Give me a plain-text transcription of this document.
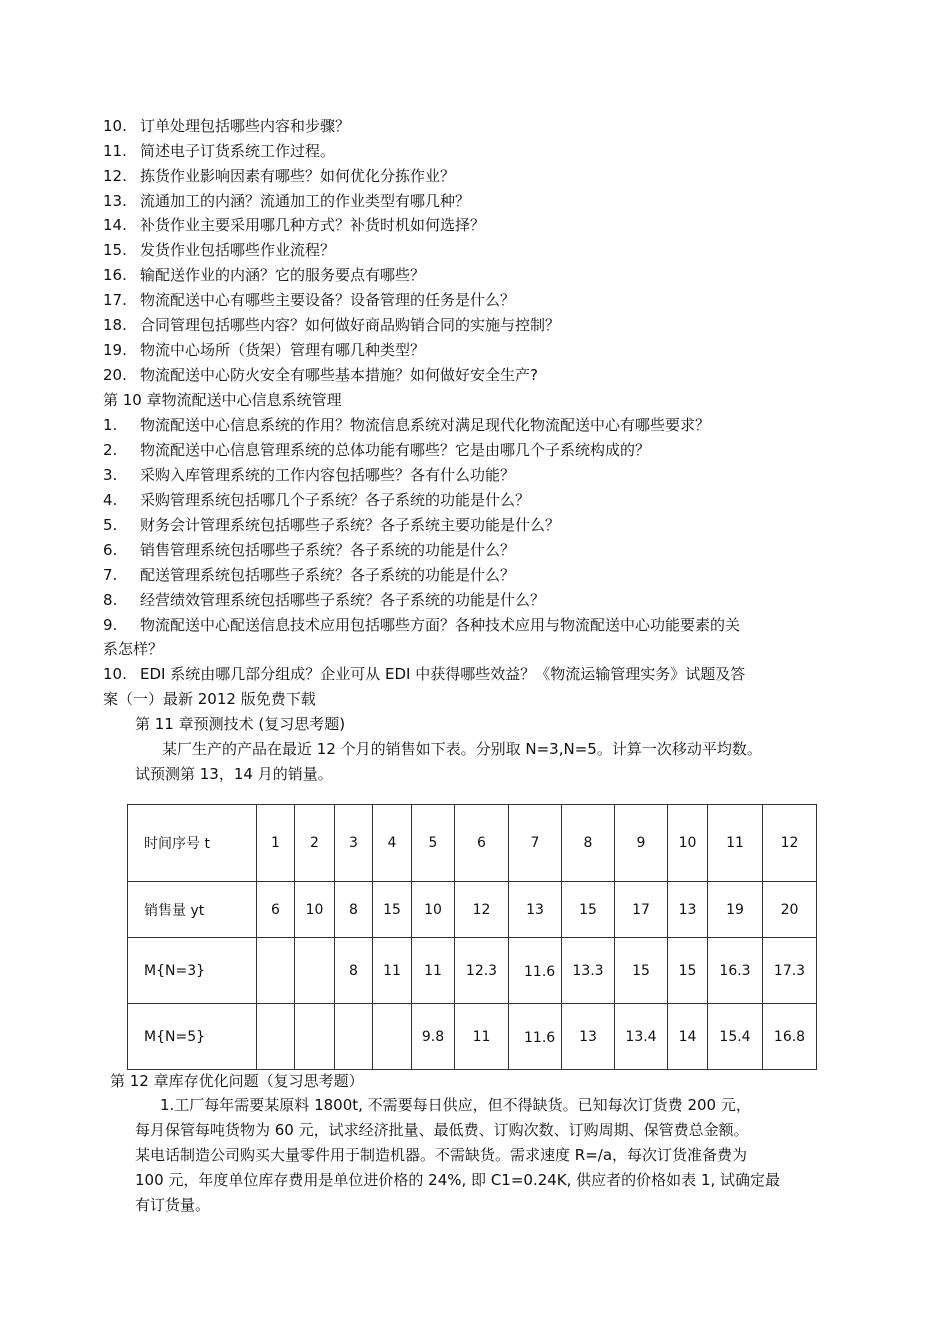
10. 订单处理包括哪些内容和步骤？
11. 简述电子订货系统工作过程。
12. 拣货作业影响因素有哪些？如何优化分拣作业？
13. 流通加工的内涵？流通加工的作业类型有哪几种？
14. 补货作业主要采用哪几种方式？补货时机如何选择？
15. 发货作业包括哪些作业流程？
16. 输配送作业的内涵？它的服务要点有哪些？
17. 物流配送中心有哪些主要设备？设备管理的任务是什么？
18. 合同管理包括哪些内容？如何做好商品购销合同的实施与控制？
19. 物流中心场所（货架）管理有哪几种类型？
20. 物流配送中心防火安全有哪些基本措施？如何做好安全生产?
第 10 章物流配送中心信息系统管理
1. 物流配送中心信息系统的作用？物流信息系统对满足现代化物流配送中心有哪些要求？
2. 物流配送中心信息管理系统的总体功能有哪些？它是由哪几个子系统构成的？
3. 采购入库管理系统的工作内容包括哪些？各有什么功能？
4. 采购管理系统包括哪几个子系统？各子系统的功能是什么？
5. 财务会计管理系统包括哪些子系统？各子系统主要功能是什么？
6. 销售管理系统包括哪些子系统？各子系统的功能是什么？
7. 配送管理系统包括哪些子系统？各子系统的功能是什么？
8. 经营绩效管理系统包括哪些子系统？各子系统的功能是什么？
9. 物流配送中心配送信息技术应用包括哪些方面？各种技术应用与物流配送中心功能要素的关
系怎样？
10. EDI 系统由哪几部分组成？企业可从 EDI 中获得哪些效益？《物流运输管理实务》试题及答
案（一）最新 2012 版免费下载
第 11 章预测技术 (复习思考题)
某厂生产的产品在最近 12 个月的销售如下表。分别取 N=3,N=5。计算一次移动平均数。
试预测第 13，14 月的销量。
时间序号 t	1	2	3	4	5	6	7	8	9	10	11	12
销售量 yt	6	10	8	15	10	12	13	15	17	13	19	20
M{N=3}			8	11	11	12.3	11.6	13.3	15	15	16.3	17.3
M{N=5}					9.8	11	11.6	13	13.4	14	15.4	16.8
第 12 章库存优化问题（复习思考题）
1.工厂每年需要某原料 1800t, 不需要每日供应，但不得缺货。已知每次订货费 200 元，
每月保管每吨货物为 60 元，试求经济批量、最低费、订购次数、订购周期、保管费总金额。
某电话制造公司购买大量零件用于制造机器。不需缺货。需求速度 R=/a，每次订货准备费为
100 元，年度单位库存费用是单位进价格的 24%, 即 C1=0.24K, 供应者的价格如表 1, 试确定最
有订货量。
